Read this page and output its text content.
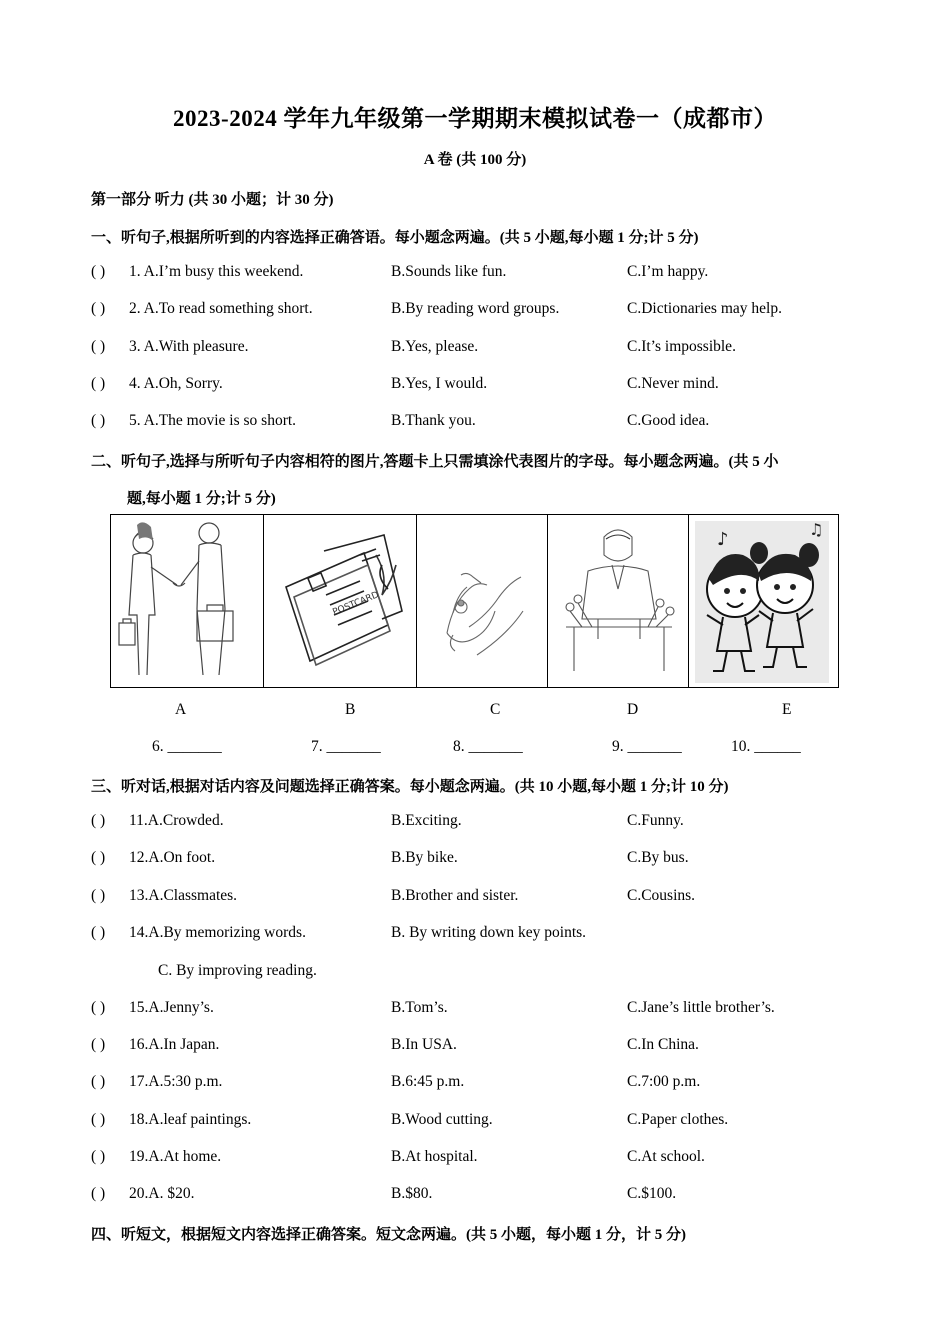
2023-2024 学年九年级第一学期期末模拟试卷一（成都市）
A 卷 (共 100 分)
第一部分 听力 (共 30 小题；计 30 分)
一、听句子,根据所听到的内容选择正确答语。每小题念两遍。(共 5 小题,每小题 1 分;计 5 分)
( ) 1. A.I’m busy this weekend.	B.Sounds like fun.	C.I’m happy.
( ) 2. A.To read something short.	B.By reading word groups.	C.Dictionaries may help.
( ) 3. A.With pleasure.	B.Yes, please.	C.It’s impossible.
( ) 4. A.Oh, Sorry.	B.Yes, I would.	C.Never mind.
( ) 5. A.The movie is so short.	B.Thank you.	C.Good idea.
二、听句子,选择与所听句子内容相符的图片,答题卡上只需填涂代表图片的字母。每小题念两遍。(共 5 小
题,每小题 1 分;计 5 分)
POSTCARD
♪	♫
♪
A	B	C	D	E
6. _______	7. _______	8. _______	9. _______	10. ______
三、听对话,根据对话内容及问题选择正确答案。每小题念两遍。(共 10 小题,每小题 1 分;计 10 分)
( ) 11.A.Crowded.	B.Exciting.	C.Funny.
( ) 12.A.On foot.	B.By bike.	C.By bus.
( ) 13.A.Classmates.	B.Brother and sister.	C.Cousins.
( ) 14.A.By memorizing words.	B. By writing down key points.
C. By improving reading.
( ) 15.A.Jenny’s.	B.Tom’s.	C.Jane’s little brother’s.
( ) 16.A.In Japan.	B.In USA.	C.In China.
( ) 17.A.5:30 p.m.	B.6:45 p.m.	C.7:00 p.m.
( ) 18.A.leaf paintings.	B.Wood cutting.	C.Paper clothes.
( ) 19.A.At home.	B.At hospital.	C.At school.
( ) 20.A. $20.	B.$80.	C.$100.
四、听短文，根据短文内容选择正确答案。短文念两遍。(共 5 小题，每小题 1 分，计 5 分)
